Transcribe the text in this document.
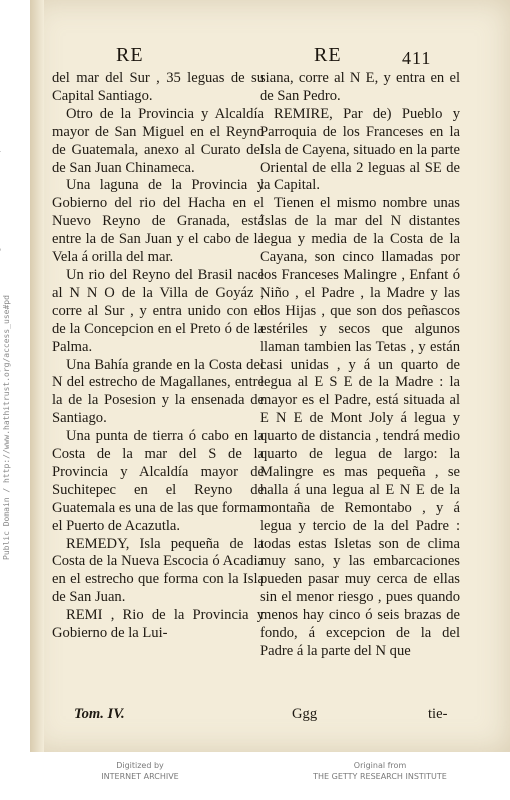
RE	RE	411

del mar del Sur , 35 leguas de su Capital Santiago.

Otro de la Provincia y Alcaldía mayor de San Miguel en el Reyno de Guatemala, anexo al Curato del de San Juan Chinameca.

Una laguna de la Provincia y Gobierno del rio del Hacha en el Nuevo Reyno de Granada, está entre la de San Juan y el cabo de la Vela á orilla del mar.

Un rio del Reyno del Brasil nace al N N O de la Villa de Goyáz , corre al Sur , y entra unido con el de la Concepcion en el Preto ó de la Palma.

Una Bahía grande en la Costa del N del estrecho de Magallanes, entre la de la Posesion y la ensenada de Santiago.

Una punta de tierra ó cabo en la Costa de la mar del S de la Provincia y Alcaldía mayor de Suchitepec en el Reyno de Guatemala es una de las que forman el Puerto de Acazutla.

REMEDY, Isla pequeña de la Costa de la Nueva Escocia ó Acadia en el estrecho que forma con la Isla de San Juan.

REMI , Rio de la Provincia y Gobierno de la Lui-

siana, corre al N E, y entra en el de San Pedro.

REMIRE, Par de) Pueblo y Parroquia de los Franceses en la Isla de Cayena, situado en la parte Oriental de ella 2 leguas al SE de la Capital.

Tienen el mismo nombre unas Islas de la mar del N distantes legua y media de la Costa de la Cayana, son cinco llamadas por los Franceses Malingre , Enfant ó Niño , el Padre , la Madre y las dos Hijas , que son dos peñascos estériles y secos que algunos llaman tambien las Tetas , y están casi unidas , y á un quarto de legua al E S E de la Madre : la mayor es el Padre, está situada al E N E de Mont Joly á legua y quarto de distancia , tendrá medio quarto de legua de largo: la Malingre es mas pequeña , se halla á una legua al E N E de la montaña de Remontabo , y á legua y tercio de la del Padre : todas estas Isletas son de clima muy sano, y las embarcaciones pueden pasar muy cerca de ellas sin el menor riesgo , pues quando menos hay cinco ó seis brazas de fondo, á excepcion de la del Padre á la parte del N que

Tom. IV.	Ggg	tie-
Public Domain / http://www.hathitrust.org/access_use#pd
Digitized by
INTERNET ARCHIVE
Original from
THE GETTY RESEARCH INSTITUTE
